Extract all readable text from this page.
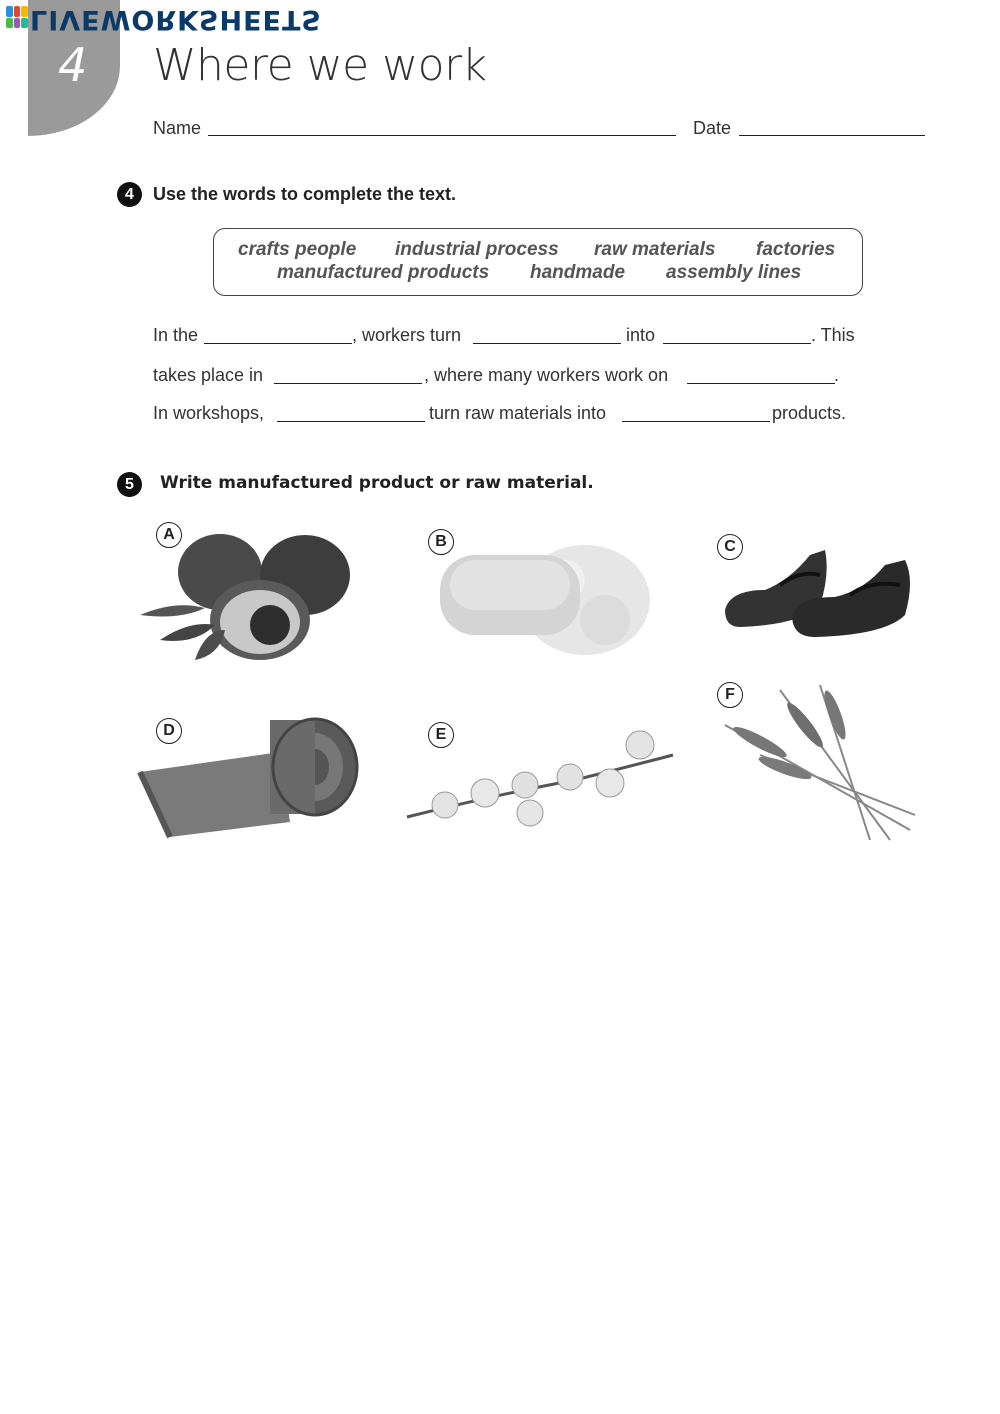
4
LIVEWORKSHEETS
Where we work
Name	Date
4	Use the words to complete the text.
crafts people industrial process raw materials factories
manufactured products handmade assembly lines
In the	, workers turn	into	. This
takes place in	, where many workers work on	.
In workshops,	turn raw materials into	products.
5	Write manufactured product or raw material.
A	B	C
D	E
F
